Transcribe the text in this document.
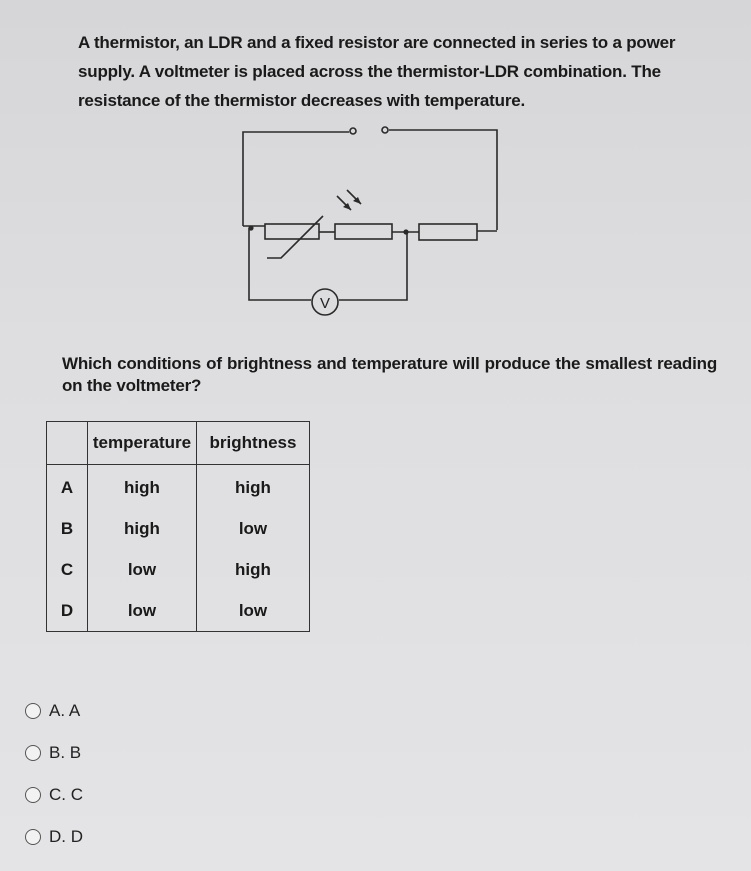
A thermistor, an LDR and a fixed resistor are connected in series to a power supply. A voltmeter is placed across the thermistor-LDR combination. The resistance of the thermistor decreases with temperature.
V
Which conditions of brightness and temperature will produce the smallest reading on the voltmeter?
	temperature	brightness
A	high	high
B	high	low
C	low	high
D	low	low
A. A
B. B
C. C
D. D
